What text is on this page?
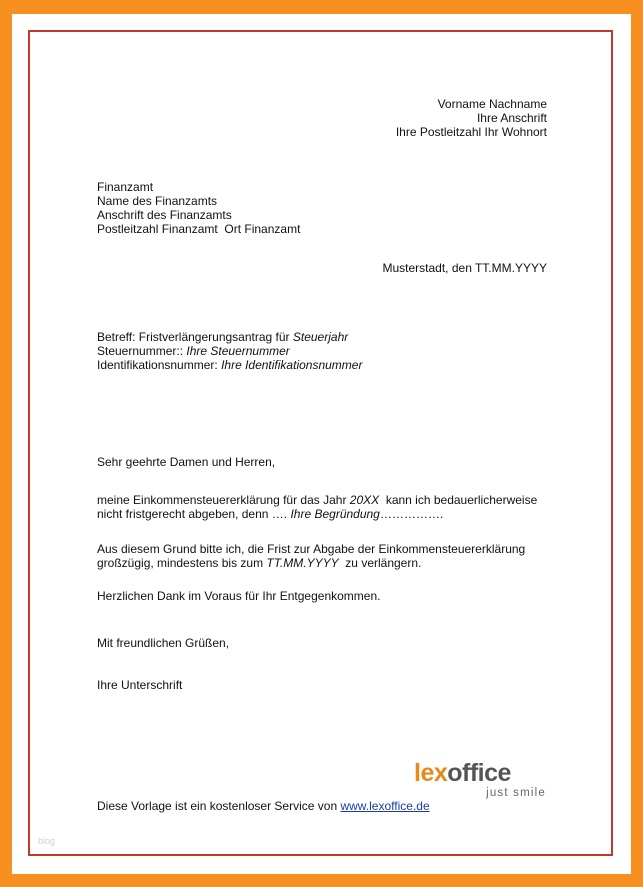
Vorname Nachname
Ihre Anschrift
Ihre Postleitzahl Ihr Wohnort
Finanzamt
Name des Finanzamts
Anschrift des Finanzamts
Postleitzahl Finanzamt  Ort Finanzamt
Musterstadt, den TT.MM.YYYY
Betreff: Fristverlängerungsantrag für Steuerjahr
Steuernummer:: Ihre Steuernummer
Identifikationsnummer: Ihre Identifikationsnummer
Sehr geehrte Damen und Herren,
meine Einkommensteuererklärung für das Jahr 20XX  kann ich bedauerlicherweise
nicht fristgerecht abgeben, denn …. Ihre Begründung…………….
Aus diesem Grund bitte ich, die Frist zur Abgabe der Einkommensteuererklärung
großzügig, mindestens bis zum TT.MM.YYYY  zu verlängern.
Herzlichen Dank im Voraus für Ihr Entgegenkommen.
Mit freundlichen Grüßen,
Ihre Unterschrift
lexoffice
just smile
Diese Vorlage ist ein kostenloser Service von www.lexoffice.de
blog
